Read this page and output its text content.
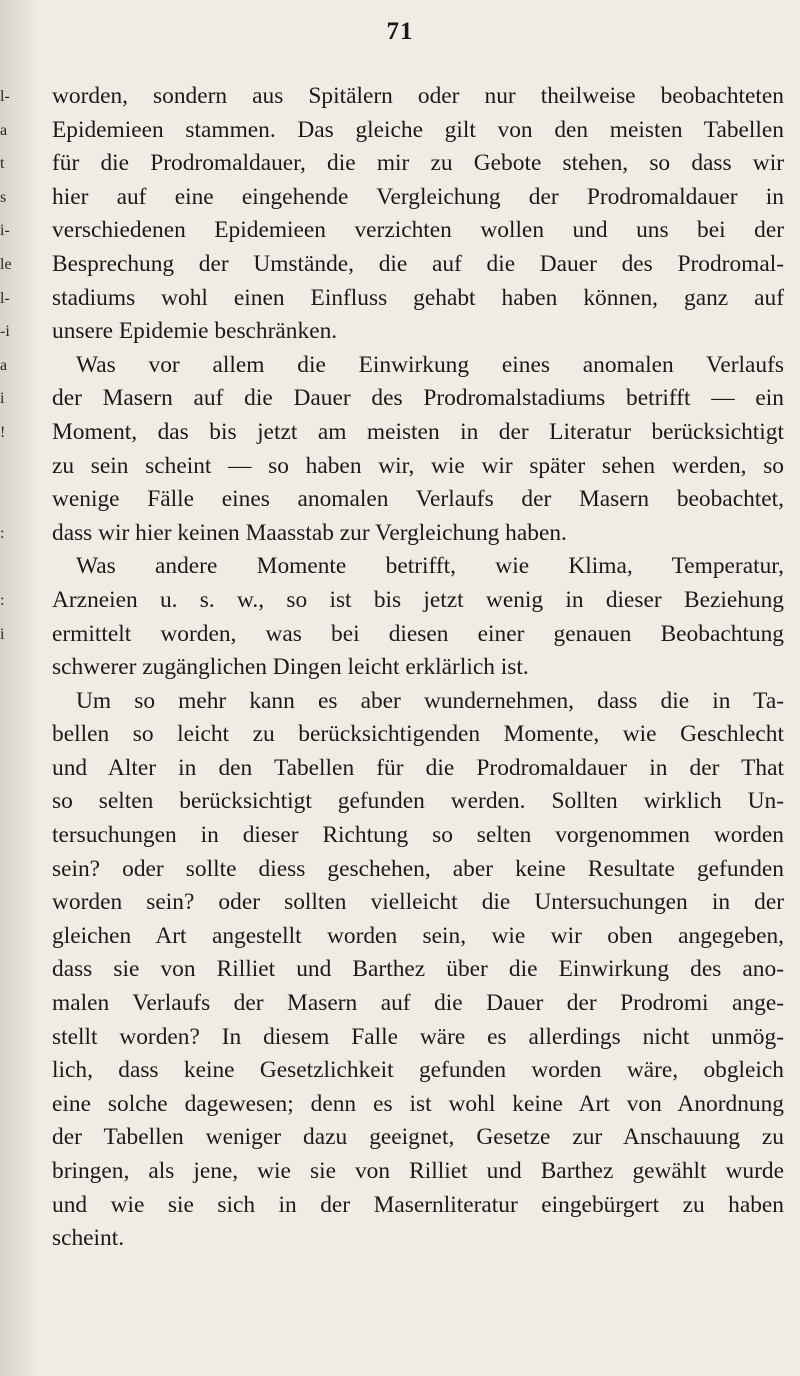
l-
a
t
s
i-
le
l-
-i
a
i
!
:
:
i
71
worden, sondern aus Spitälern oder nur theilweise beobachteten
Epidemieen stammen. Das gleiche gilt von den meisten Tabellen
für die Prodromaldauer, die mir zu Gebote stehen, so dass wir
hier auf eine eingehende Vergleichung der Prodromaldauer in
verschiedenen Epidemieen verzichten wollen und uns bei der
Besprechung der Umstände, die auf die Dauer des Prodromal-
stadiums wohl einen Einfluss gehabt haben können, ganz auf
unsere Epidemie beschränken.
Was vor allem die Einwirkung eines anomalen Verlaufs
der Masern auf die Dauer des Prodromalstadiums betrifft — ein
Moment, das bis jetzt am meisten in der Literatur berücksichtigt
zu sein scheint — so haben wir, wie wir später sehen werden, so
wenige Fälle eines anomalen Verlaufs der Masern beobachtet,
dass wir hier keinen Maasstab zur Vergleichung haben.
Was andere Momente betrifft, wie Klima, Temperatur,
Arzneien u. s. w., so ist bis jetzt wenig in dieser Beziehung
ermittelt worden, was bei diesen einer genauen Beobachtung
schwerer zugänglichen Dingen leicht erklärlich ist.
Um so mehr kann es aber wundernehmen, dass die in Ta-
bellen so leicht zu berücksichtigenden Momente, wie Geschlecht
und Alter in den Tabellen für die Prodromaldauer in der That
so selten berücksichtigt gefunden werden. Sollten wirklich Un-
tersuchungen in dieser Richtung so selten vorgenommen worden
sein? oder sollte diess geschehen, aber keine Resultate gefunden
worden sein? oder sollten vielleicht die Untersuchungen in der
gleichen Art angestellt worden sein, wie wir oben angegeben,
dass sie von Rilliet und Barthez über die Einwirkung des ano-
malen Verlaufs der Masern auf die Dauer der Prodromi ange-
stellt worden? In diesem Falle wäre es allerdings nicht unmög-
lich, dass keine Gesetzlichkeit gefunden worden wäre, obgleich
eine solche dagewesen; denn es ist wohl keine Art von Anordnung
der Tabellen weniger dazu geeignet, Gesetze zur Anschauung zu
bringen, als jene, wie sie von Rilliet und Barthez gewählt wurde
und wie sie sich in der Masernliteratur eingebürgert zu haben
scheint.
